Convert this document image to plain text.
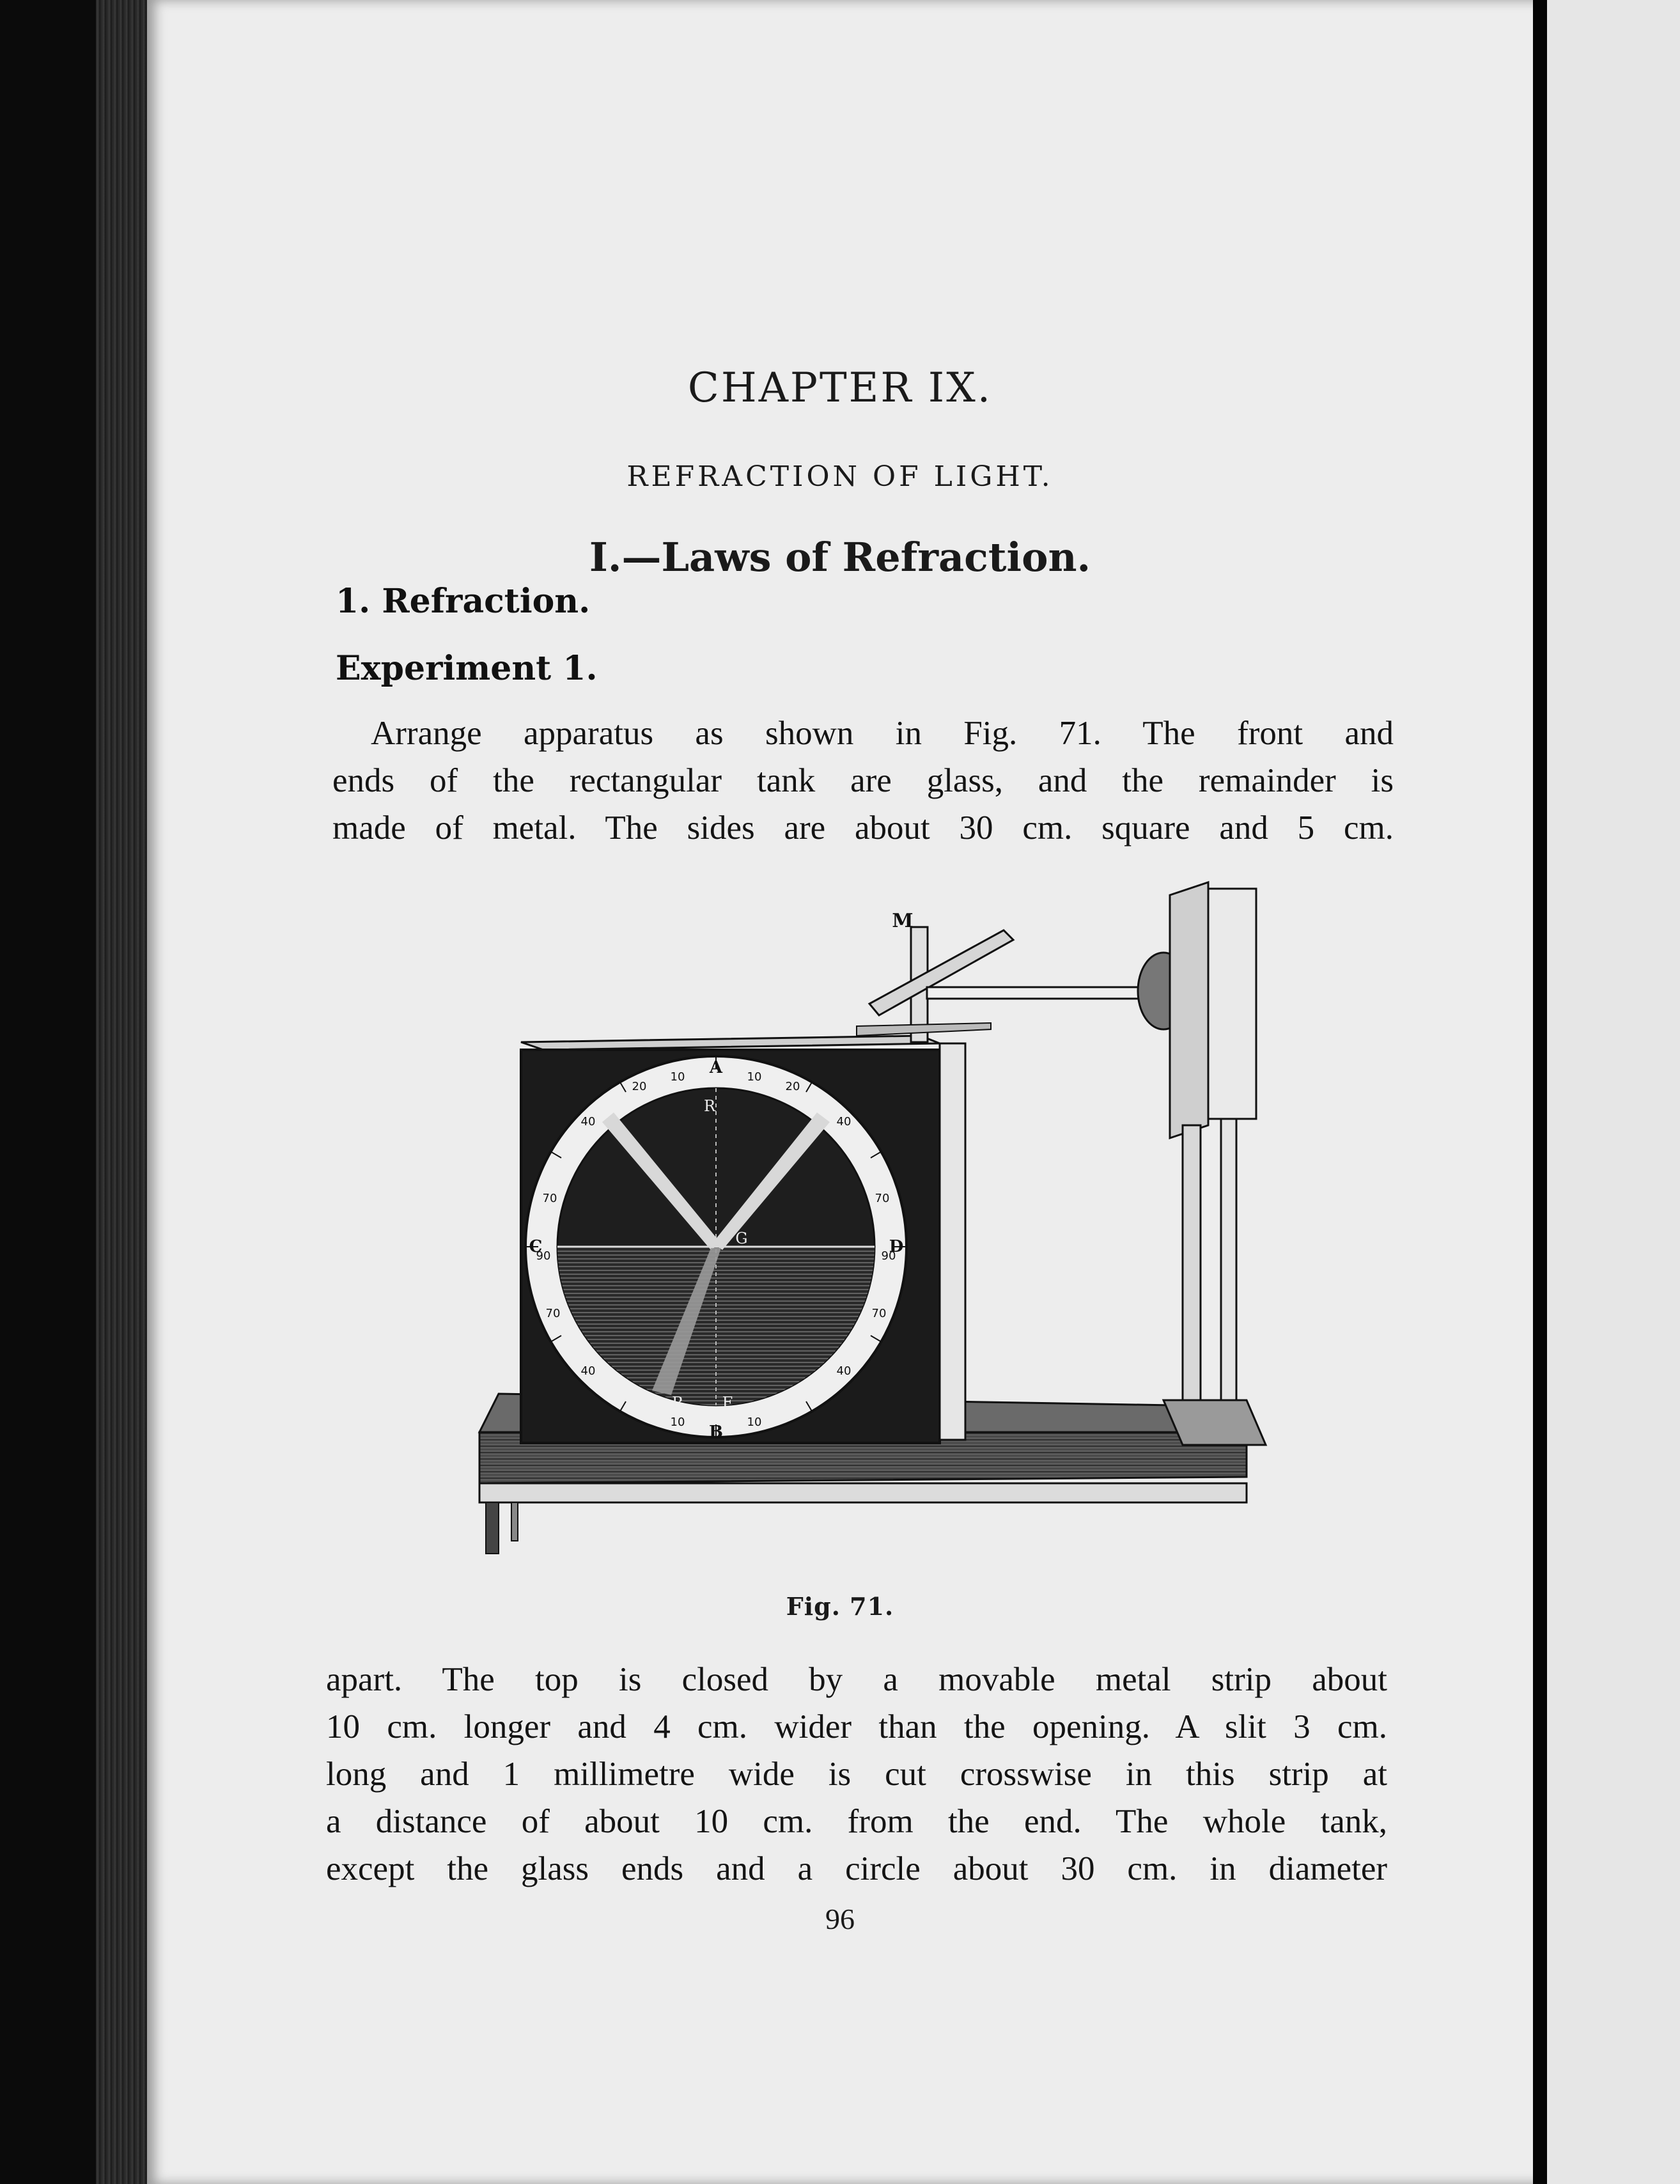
CHAPTER IX.
REFRACTION OF LIGHT.
I.—Laws of Refraction.
1. Refraction.
Experiment 1.
Arrange apparatus as shown in Fig. 71. The front and
ends of the rectangular tank are glass, and the remainder is
made of metal. The sides are about 30 cm. square and 5 cm.
10
10
20
20
40
40
70
70
90
90
70
70
40
40
10
10
A
B
C	D
G
R
R	F
M
Fig. 71.
apart. The top is closed by a movable metal strip about
10 cm. longer and 4 cm. wider than the opening. A slit 3 cm.
long and 1 millimetre wide is cut crosswise in this strip at
a distance of about 10 cm. from the end. The whole tank,
except the glass ends and a circle about 30 cm. in diameter
96
